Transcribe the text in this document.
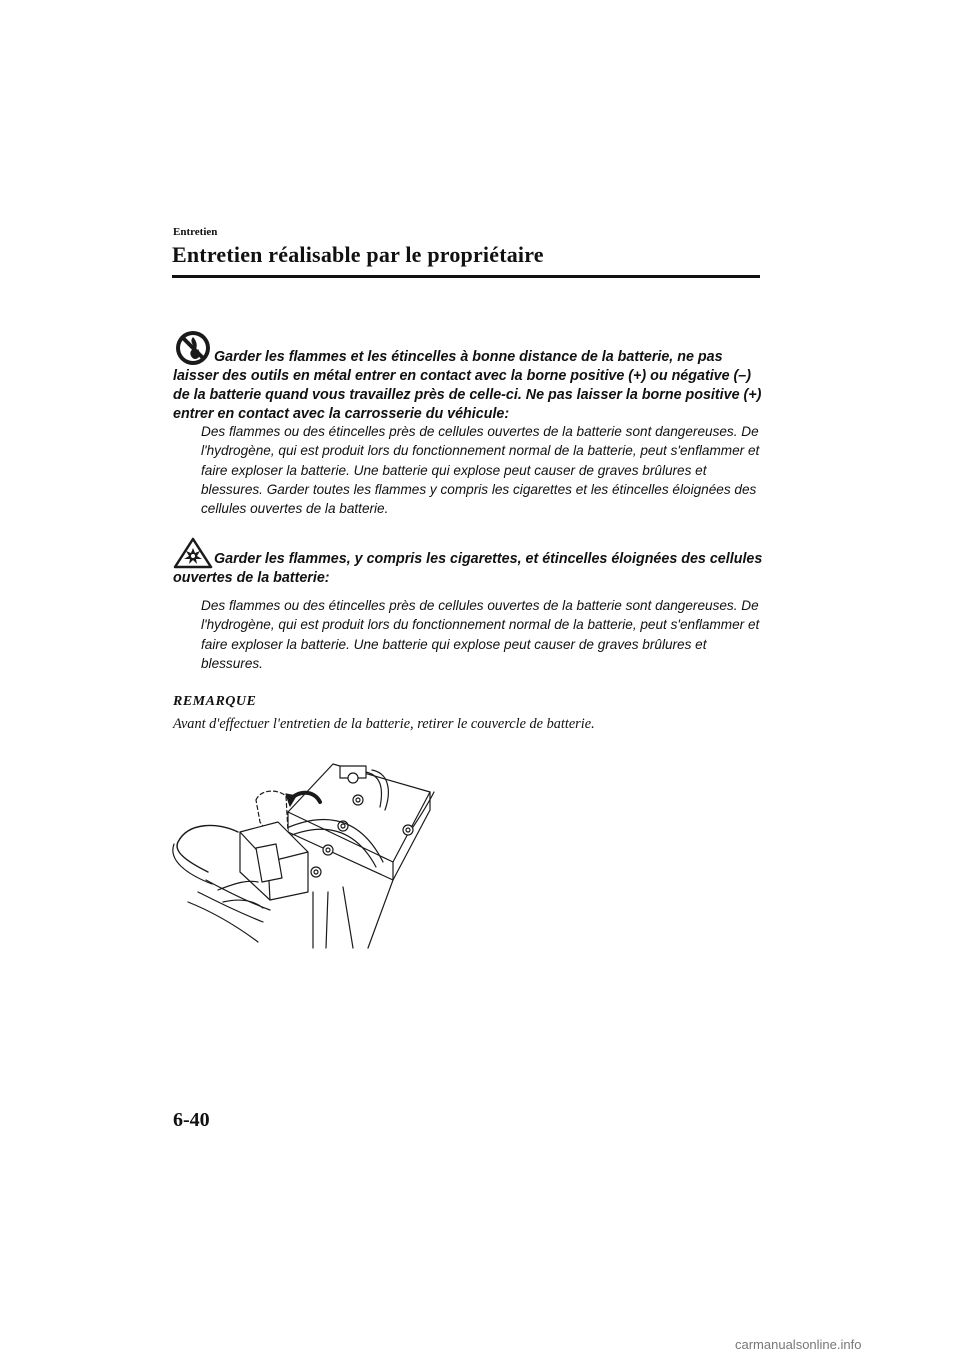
Entretien
Entretien réalisable par le propriétaire
Garder les flammes et les étincelles à bonne distance de la batterie, ne pas laisser des outils en métal entrer en contact avec la borne positive (+) ou négative (–) de la batterie quand vous travaillez près de celle-ci. Ne pas laisser la borne positive (+) entrer en contact avec la carrosserie du véhicule:
Des flammes ou des étincelles près de cellules ouvertes de la batterie sont dangereuses. De l'hydrogène, qui est produit lors du fonctionnement normal de la batterie, peut s'enflammer et faire exploser la batterie. Une batterie qui explose peut causer de graves brûlures et blessures. Garder toutes les flammes y compris les cigarettes et les étincelles éloignées des cellules ouvertes de la batterie.
Garder les flammes, y compris les cigarettes, et étincelles éloignées des cellules ouvertes de la batterie:
Des flammes ou des étincelles près de cellules ouvertes de la batterie sont dangereuses. De l'hydrogène, qui est produit lors du fonctionnement normal de la batterie, peut s'enflammer et faire exploser la batterie. Une batterie qui explose peut causer de graves brûlures et blessures.
REMARQUE
Avant d'effectuer l'entretien de la batterie, retirer le couvercle de batterie.
6-40
carmanualsonline.info
